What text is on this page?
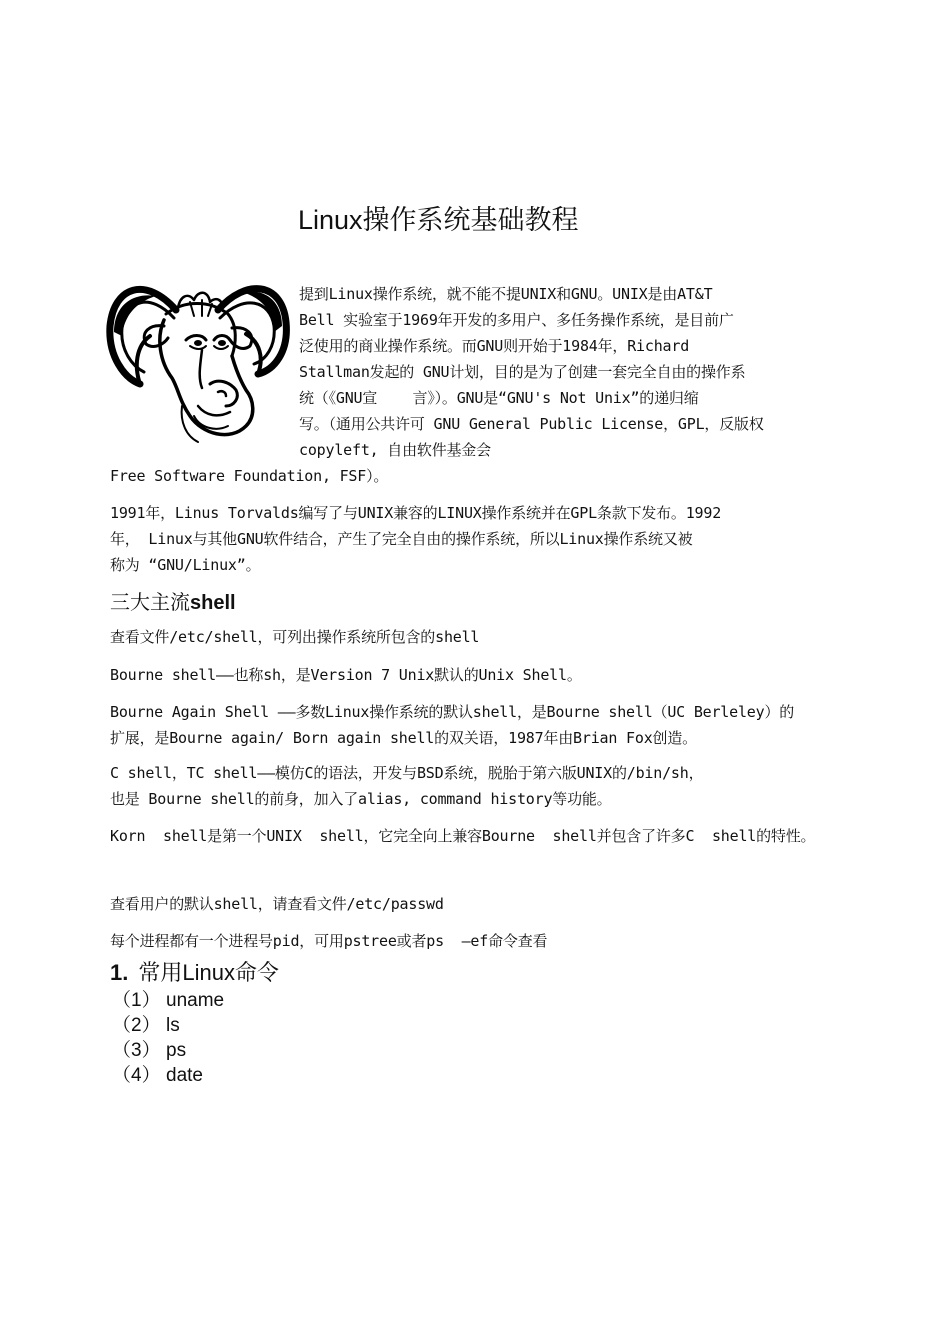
Linux操作系统基础教程
提到Linux操作系统，就不能不提UNIX和GNU。UNIX是由AT&T
Bell 实验室于1969年开发的多用户、多任务操作系统，是目前广
泛使用的商业操作系统。而GNU则开始于1984年，Richard
Stallman发起的 GNU计划，目的是为了创建一套完全自由的操作系
统（《GNU宣    言》）。GNU是“GNU's Not Unix”的递归缩
写。（通用公共许可 GNU General Public License，GPL，反版权
copyleft, 自由软件基金会
Free Software Foundation, FSF）。
1991年，Linus Torvalds编写了与UNIX兼容的LINUX操作系统并在GPL条款下发布。1992
年， Linux与其他GNU软件结合，产生了完全自由的操作系统，所以Linux操作系统又被
称为 “GNU/Linux”。
三大主流shell
查看文件/etc/shell，可列出操作系统所包含的shell
Bourne shell——也称sh，是Version 7 Unix默认的Unix Shell。
Bourne Again Shell ——多数Linux操作系统的默认shell，是Bourne shell（UC Berleley）的
扩展，是Bourne again/ Born again shell的双关语，1987年由Brian Fox创造。
C shell，TC shell——模仿C的语法，开发与BSD系统，脱胎于第六版UNIX的/bin/sh，
也是 Bourne shell的前身，加入了alias, command history等功能。
Korn  shell是第一个UNIX  shell，它完全向上兼容Bourne  shell并包含了许多C  shell的特性。
查看用户的默认shell，请查看文件/etc/passwd
每个进程都有一个进程号pid，可用pstree或者ps  –ef命令查看
1. 常用Linux命令
（1） uname
（2） ls
（3） ps
（4） date
